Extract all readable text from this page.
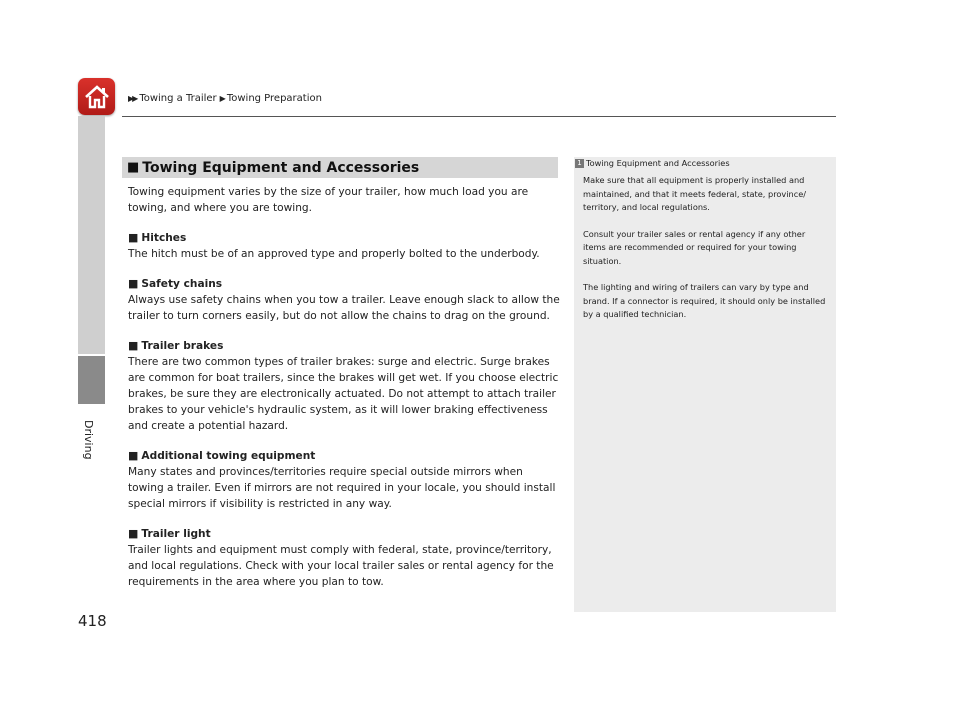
▶▶ Towing a Trailer ▶ Towing Preparation
Driving
418
■ Towing Equipment and Accessories

Towing equipment varies by the size of your trailer, how much load you are towing, and where you are towing.

■ Hitches

The hitch must be of an approved type and properly bolted to the underbody.

■ Safety chains

Always use safety chains when you tow a trailer. Leave enough slack to allow the trailer to turn corners easily, but do not allow the chains to drag on the ground.

■ Trailer brakes

There are two common types of trailer brakes: surge and electric. Surge brakes are common for boat trailers, since the brakes will get wet. If you choose electric brakes, be sure they are electronically actuated. Do not attempt to attach trailer brakes to your vehicle's hydraulic system, as it will lower braking effectiveness and create a potential hazard.

■ Additional towing equipment

Many states and provinces/territories require special outside mirrors when towing a trailer. Even if mirrors are not required in your locale, you should install special mirrors if visibility is restricted in any way.

■ Trailer light

Trailer lights and equipment must comply with federal, state, province/territory, and local regulations. Check with your local trailer sales or rental agency for the requirements in the area where you plan to tow.

1 Towing Equipment and Accessories

Make sure that all equipment is properly installed and maintained, and that it meets federal, state, province/ territory, and local regulations.

Consult your trailer sales or rental agency if any other items are recommended or required for your towing situation.

The lighting and wiring of trailers can vary by type and brand. If a connector is required, it should only be installed by a qualified technician.
